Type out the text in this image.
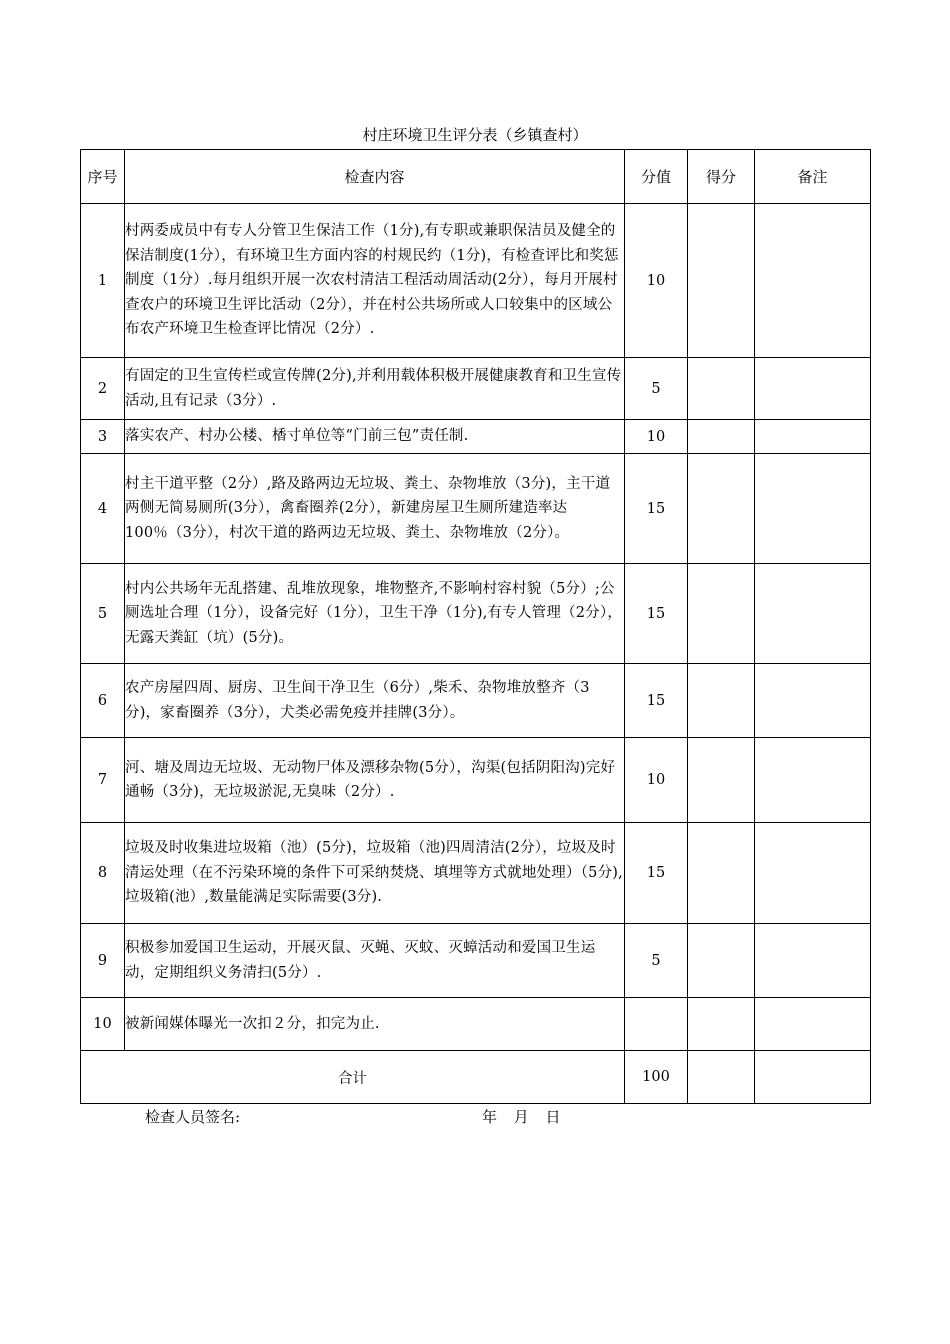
村庄环境卫生评分表（乡镇查村）
序号	检查内容	分值	得分	备注
1	村两委成员中有专人分管卫生保洁工作（1分),有专职或兼职保洁员及健全的保洁制度(1分），有环境卫生方面内容的村规民约（1分)，有检查评比和奖惩制度（1分）.每月组织开展一次农村清洁工程活动周活动(2分），每月开展村查农户的环境卫生评比活动（2分），并在村公共场所或人口较集中的区域公布农产环境卫生检查评比情况（2分）.	10		
2	有固定的卫生宣传栏或宣传牌(2分),并利用载体积极开展健康教育和卫生宣传活动,且有记录（3分）.	5		
3	落实农产、村办公楼、楿寸单位等“门前三包”责任制.	10		
4	村主干道平整（2分）,路及路两边无垃圾、粪土、杂物堆放（3分)，主干道两侧无简易厕所(3分），禽畜圈养(2分），新建房屋卫生厕所建造率达 100％（3分），村次干道的路两边无垃圾、粪土、杂物堆放（2分）。	15		
5	村内公共场年无乱搭建、乱堆放现象，堆物整齐,不影响村容村貌（5分）;公厕选址合理（1分），设备完好（1分），卫生干净（1分),有专人管理（2分），无露天粪缸（坑）(5分)。	15		
6	农产房屋四周、厨房、卫生间干净卫生（6分）,柴禾、杂物堆放整齐（3分)，家畜圈养（3分），犬类必需免疫并挂牌(3分）。	15		
7	河、塘及周边无垃圾、无动物尸体及漂移杂物(5分），沟渠(包括阴阳沟)完好通畅（3分)，无垃圾淤泥,无臭味（2分）.	10		
8	垃圾及时收集进垃圾箱（池）(5分)，垃圾箱（池)四周清洁(2分），垃圾及时清运处理（在不污染环境的条件下可采纳焚烧、填埋等方式就地处理）（5分),垃圾箱(池）,数量能满足实际需要(3分).	15		
9	积极参加爱国卫生运动，开展灭鼠、灭蝇、灭蚊、灭蟑活动和爱国卫生运动，定期组织义务清扫(5分）.	5		
10	被新闻媒体曝光一次扣２分，扣完为止.			
合计		100		
检查人员签名:	年 月 日
